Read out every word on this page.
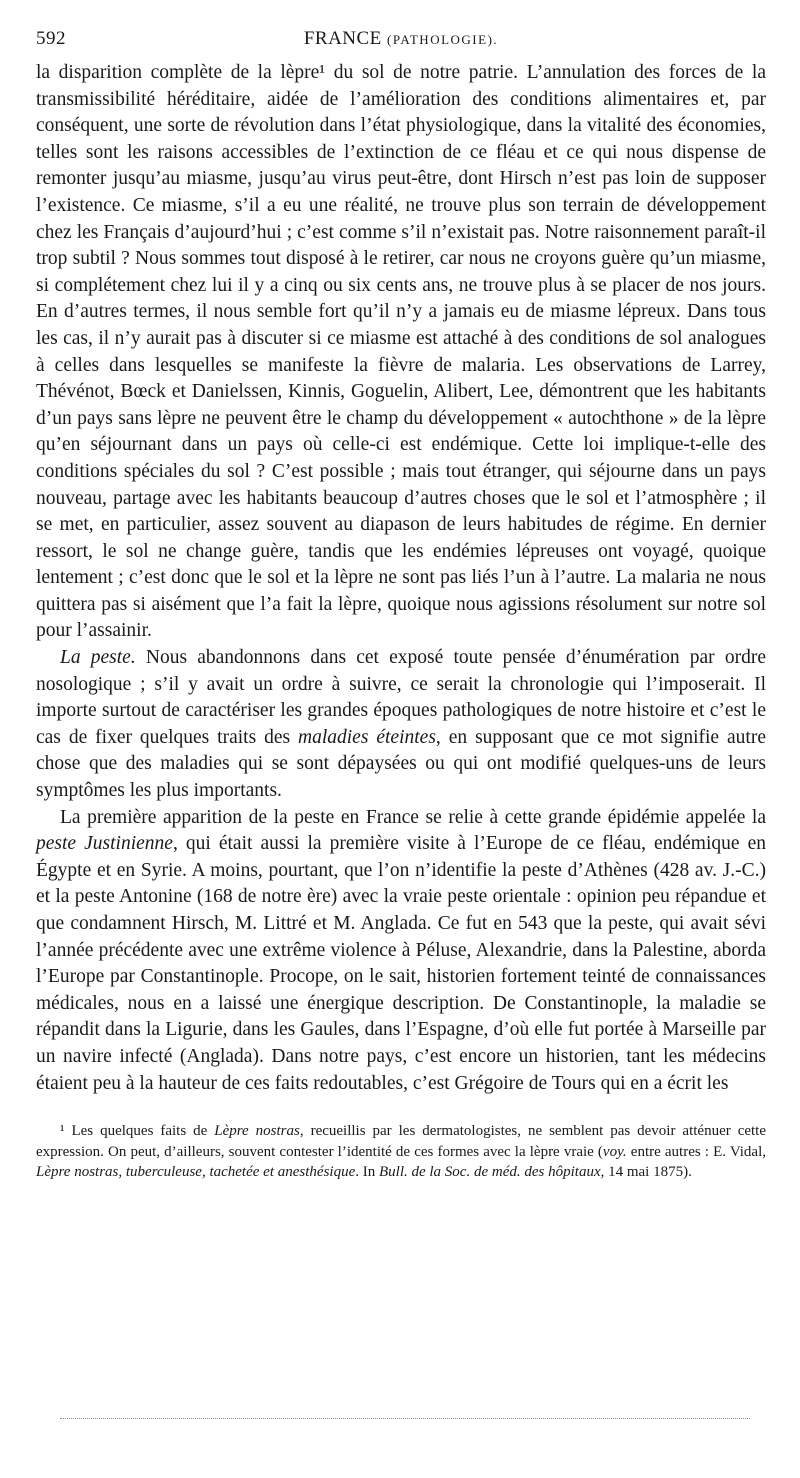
592	FRANCE (PATHOLOGIE).

la disparition complète de la lèpre¹ du sol de notre patrie. L’annulation des forces de la transmissibilité héréditaire, aidée de l’amélioration des conditions alimentaires et, par conséquent, une sorte de révolution dans l’état physiologique, dans la vitalité des économies, telles sont les raisons accessibles de l’extinction de ce fléau et ce qui nous dispense de remonter jusqu’au miasme, jusqu’au virus peut-être, dont Hirsch n’est pas loin de supposer l’existence. Ce miasme, s’il a eu une réalité, ne trouve plus son terrain de développement chez les Français d’aujourd’hui ; c’est comme s’il n’existait pas. Notre raisonnement paraît-il trop subtil ? Nous sommes tout disposé à le retirer, car nous ne croyons guère qu’un miasme, si complétement chez lui il y a cinq ou six cents ans, ne trouve plus à se placer de nos jours. En d’autres termes, il nous semble fort qu’il n’y a jamais eu de miasme lépreux. Dans tous les cas, il n’y aurait pas à discuter si ce miasme est attaché à des conditions de sol analogues à celles dans lesquelles se manifeste la fièvre de malaria. Les observations de Larrey, Thévénot, Bœck et Danielssen, Kinnis, Goguelin, Alibert, Lee, démontrent que les habitants d’un pays sans lèpre ne peuvent être le champ du développement « autochthone » de la lèpre qu’en séjournant dans un pays où celle-ci est endémique. Cette loi implique-t-elle des conditions spéciales du sol ? C’est possible ; mais tout étranger, qui séjourne dans un pays nouveau, partage avec les habitants beaucoup d’autres choses que le sol et l’atmosphère ; il se met, en particulier, assez souvent au diapason de leurs habitudes de régime. En dernier ressort, le sol ne change guère, tandis que les endémies lépreuses ont voyagé, quoique lentement ; c’est donc que le sol et la lèpre ne sont pas liés l’un à l’autre. La malaria ne nous quittera pas si aisément que l’a fait la lèpre, quoique nous agissions résolument sur notre sol pour l’assainir.

La peste. Nous abandonnons dans cet exposé toute pensée d’énumération par ordre nosologique ; s’il y avait un ordre à suivre, ce serait la chronologie qui l’imposerait. Il importe surtout de caractériser les grandes époques pathologiques de notre histoire et c’est le cas de fixer quelques traits des maladies éteintes, en supposant que ce mot signifie autre chose que des maladies qui se sont dépaysées ou qui ont modifié quelques-uns de leurs symptômes les plus importants.

La première apparition de la peste en France se relie à cette grande épidémie appelée la peste Justinienne, qui était aussi la première visite à l’Europe de ce fléau, endémique en Égypte et en Syrie. A moins, pourtant, que l’on n’identifie la peste d’Athènes (428 av. J.-C.) et la peste Antonine (168 de notre ère) avec la vraie peste orientale : opinion peu répandue et que condamnent Hirsch, M. Littré et M. Anglada. Ce fut en 543 que la peste, qui avait sévi l’année précédente avec une extrême violence à Péluse, Alexandrie, dans la Palestine, aborda l’Europe par Constantinople. Procope, on le sait, historien fortement teinté de connaissances médicales, nous en a laissé une énergique description. De Constantinople, la maladie se répandit dans la Ligurie, dans les Gaules, dans l’Espagne, d’où elle fut portée à Marseille par un navire infecté (Anglada). Dans notre pays, c’est encore un historien, tant les médecins étaient peu à la hauteur de ces faits redoutables, c’est Grégoire de Tours qui en a écrit les

¹ Les quelques faits de Lèpre nostras, recueillis par les dermatologistes, ne semblent pas devoir atténuer cette expression. On peut, d’ailleurs, souvent contester l’identité de ces formes avec la lèpre vraie (voy. entre autres : E. Vidal, Lèpre nostras, tuberculeuse, tachetée et anesthésique. In Bull. de la Soc. de méd. des hôpitaux, 14 mai 1875).
